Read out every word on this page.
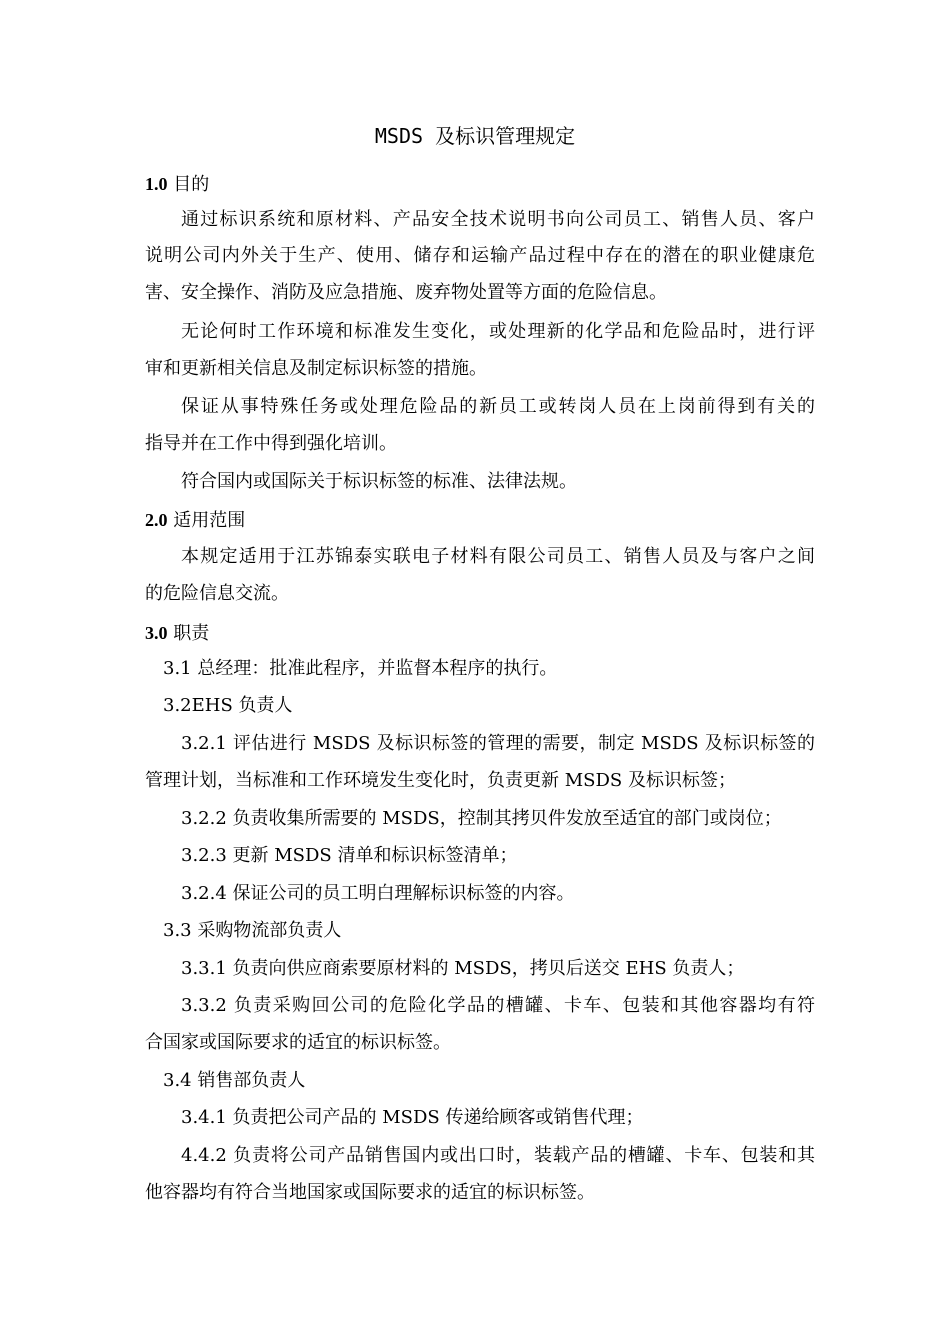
MSDS 及标识管理规定
1.0 目的
通过标识系统和原材料、产品安全技术说明书向公司员工、销售人员、客户
说明公司内外关于生产、使用、储存和运输产品过程中存在的潜在的职业健康危
害、安全操作、消防及应急措施、废弃物处置等方面的危险信息。
无论何时工作环境和标准发生变化，或处理新的化学品和危险品时，进行评
审和更新相关信息及制定标识标签的措施。
保证从事特殊任务或处理危险品的新员工或转岗人员在上岗前得到有关的
指导并在工作中得到强化培训。
符合国内或国际关于标识标签的标准、法律法规。
2.0 适用范围
本规定适用于江苏锦泰实联电子材料有限公司员工、销售人员及与客户之间
的危险信息交流。
3.0 职责
3.1 总经理：批准此程序，并监督本程序的执行。
3.2EHS 负责人
3.2.1 评估进行 MSDS 及标识标签的管理的需要，制定 MSDS 及标识标签的
管理计划，当标准和工作环境发生变化时，负责更新 MSDS 及标识标签；
3.2.2 负责收集所需要的 MSDS，控制其拷贝件发放至适宜的部门或岗位；
3.2.3 更新 MSDS 清单和标识标签清单；
3.2.4 保证公司的员工明白理解标识标签的内容。
3.3 采购物流部负责人
3.3.1 负责向供应商索要原材料的 MSDS，拷贝后送交 EHS 负责人；
3.3.2 负责采购回公司的危险化学品的槽罐、卡车、包装和其他容器均有符
合国家或国际要求的适宜的标识标签。
3.4 销售部负责人
3.4.1 负责把公司产品的 MSDS 传递给顾客或销售代理；
4.4.2 负责将公司产品销售国内或出口时，装载产品的槽罐、卡车、包装和其
他容器均有符合当地国家或国际要求的适宜的标识标签。
